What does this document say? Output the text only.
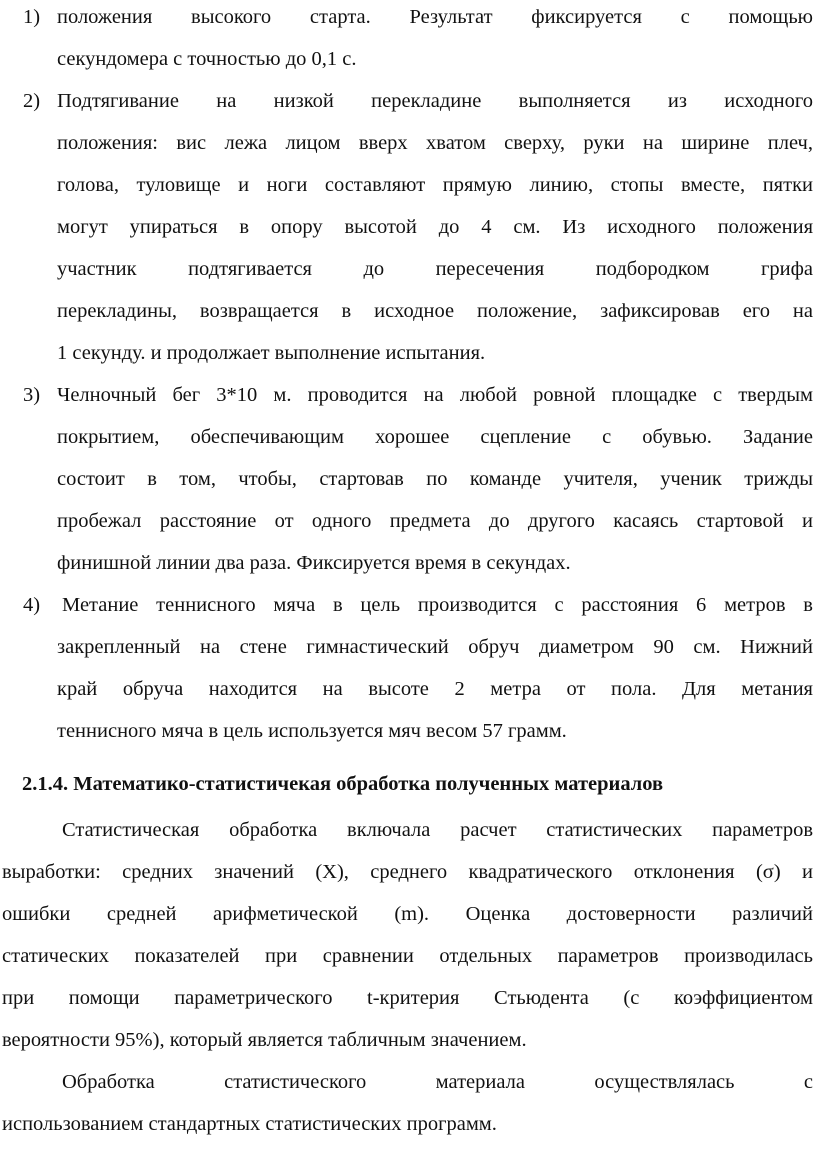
1) положения высокого старта. Результат фиксируется с помощью
секундомера с точностью до 0,1 с.
2) Подтягивание на низкой перекладине выполняется из исходного
положения: вис лежа лицом вверх хватом сверху, руки на ширине плеч,
голова, туловище и ноги составляют прямую линию, стопы вместе, пятки
могут упираться в опору высотой до 4 см. Из исходного положения
участник подтягивается до пересечения подбородком грифа
перекладины, возвращается в исходное положение, зафиксировав его на
1 секунду. и продолжает выполнение испытания.
3) Челночный бег 3*10 м. проводится на любой ровной площадке с твердым
покрытием, обеспечивающим хорошее сцепление с обувью. Задание
состоит в том, чтобы, стартовав по команде учителя, ученик трижды
пробежал расстояние от одного предмета до другого касаясь стартовой и
финишной линии два раза. Фиксируется время в секундах.
4) Метание теннисного мяча в цель производится с расстояния 6 метров в
закрепленный на стене гимнастический обруч диаметром 90 см. Нижний
край обруча находится на высоте 2 метра от пола. Для метания
теннисного мяча в цель используется мяч весом 57 грамм.
2.1.4. Математико-статистичекая обработка полученных материалов
Статистическая обработка включала расчет статистических параметров
выработки: средних значений (X), среднего квадратического отклонения (σ) и
ошибки средней арифметической (m). Оценка достоверности различий
статических показателей при сравнении отдельных параметров производилась
при помощи параметрического t-критерия Стьюдента (с коэффициентом
вероятности 95%), который является табличным значением.
Обработка статистического материала осуществлялась с
использованием стандартных статистических программ.
